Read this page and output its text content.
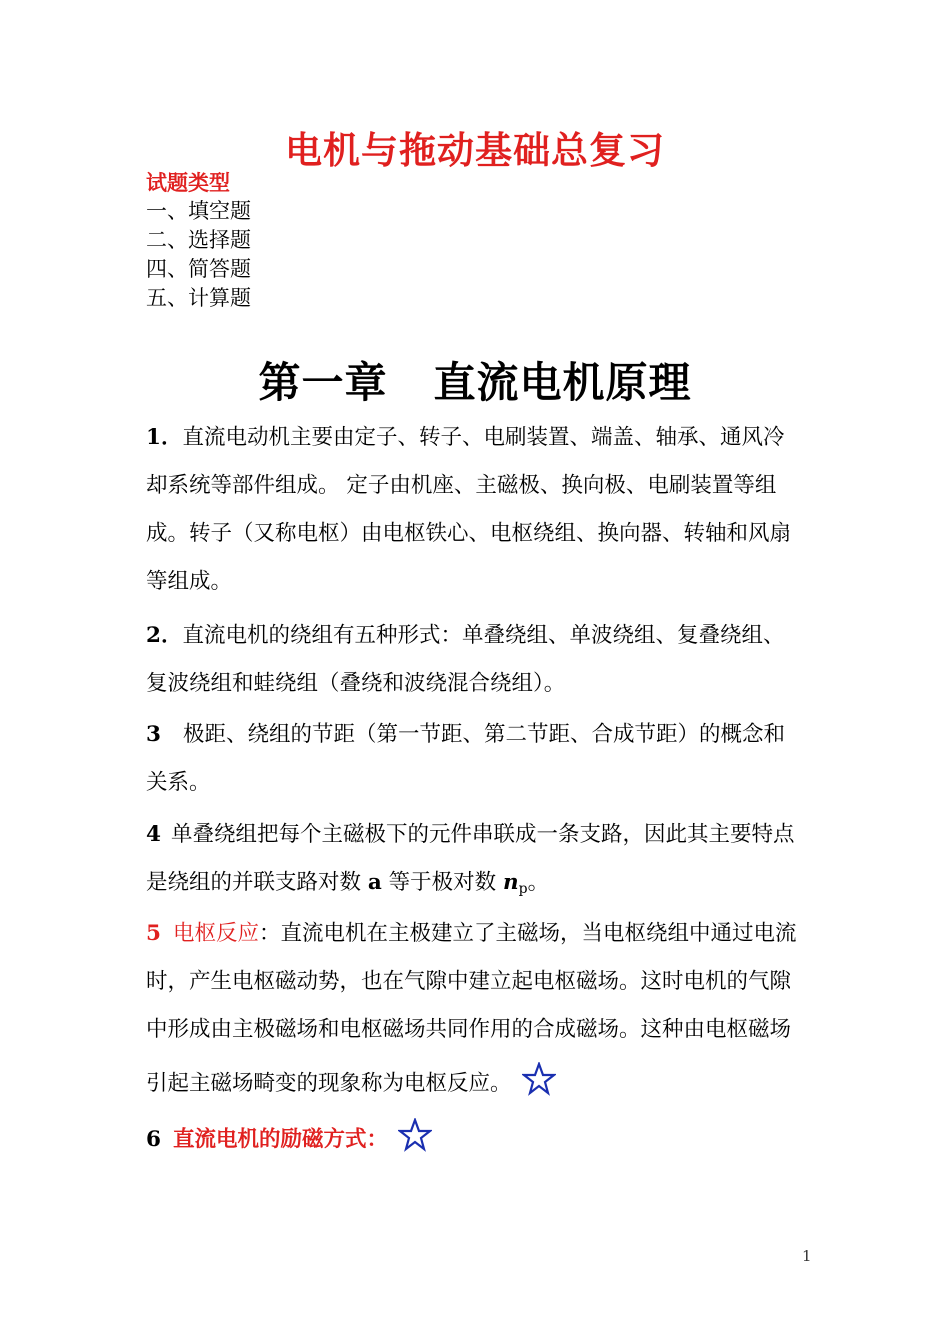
电机与拖动基础总复习
试题类型
一、填空题
二、选择题
四、简答题
五、计算题
第一章 直流电机原理

1．直流电动机主要由定子、转子、电刷装置、端盖、轴承、通风冷

却系统等部件组成。 定子由机座、主磁极、换向极、电刷装置等组

成。转子（又称电枢）由电枢铁心、电枢绕组、换向器、转轴和风扇

等组成。

2．直流电机的绕组有五种形式：单叠绕组、单波绕组、复叠绕组、

复波绕组和蛙绕组（叠绕和波绕混合绕组）。

3 极距、绕组的节距（第一节距、第二节距、合成节距）的概念和

关系。

4 单叠绕组把每个主磁极下的元件串联成一条支路，因此其主要特点

是绕组的并联支路对数 a 等于极对数 $n_p$。

5 电枢反应：直流电机在主极建立了主磁场，当电枢绕组中通过电流

时，产生电枢磁动势，也在气隙中建立起电枢磁场。这时电机的气隙

中形成由主极磁场和电枢磁场共同作用的合成磁场。这种由电枢磁场

引起主磁场畸变的现象称为电枢反应。

6 直流电机的励磁方式：

1
